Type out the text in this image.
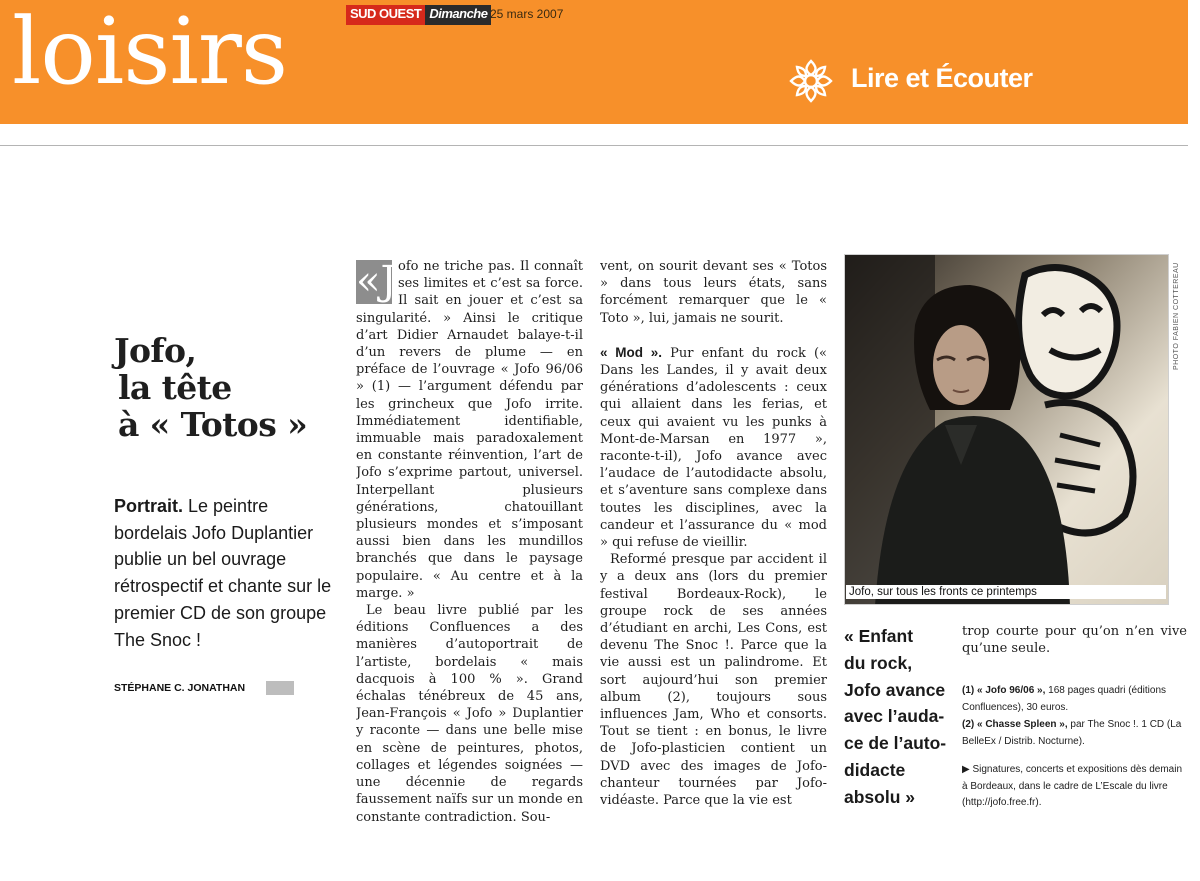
loisirs	SUD OUEST Dimanche 25 mars 2007
Lire et Écouter
Jofo,
la tête
à « Totos »
Portrait. Le peintre bordelais Jofo Duplantier publie un bel ouvrage rétrospectif et chante sur le premier CD de son groupe The Snoc !
STÉPHANE C. JONATHAN

«J ofo ne triche pas. Il connaît ses limites et c’est sa force. Il sait en jouer et c’est sa singularité. » Ainsi le critique d’art Didier Arnaudet balaye-t-il d’un revers de plume — en préface de l’ouvrage « Jofo 96/06 » (1) — l’argument défendu par les grincheux que Jofo irrite. Immédiatement identifiable, immuable mais paradoxalement en constante réinvention, l’art de Jofo s’exprime partout, universel. Interpellant plusieurs générations, chatouillant plusieurs mondes et s’imposant aussi bien dans les mundillos branchés que dans le paysage populaire. « Au centre et à la marge. »

Le beau livre publié par les éditions Confluences a des manières d’autoportrait de l’artiste, bordelais « mais dacquois à 100 % ». Grand échalas ténébreux de 45 ans, Jean-François « Jofo » Duplantier y raconte — dans une belle mise en scène de peintures, photos, collages et légendes soignées — une décennie de regards faussement naïfs sur un monde en constante contradiction. Sou-

vent, on sourit devant ses « Totos » dans tous leurs états, sans forcément remarquer que le « Toto », lui, jamais ne sourit.

« Mod ». Pur enfant du rock (« Dans les Landes, il y avait deux générations d’adolescents : ceux qui allaient dans les ferias, et ceux qui avaient vu les punks à Mont-de-Marsan en 1977 », raconte-t-il), Jofo avance avec l’audace de l’autodidacte absolu, et s’aventure sans complexe dans toutes les disciplines, avec la candeur et l’assurance du « mod » qui refuse de vieillir.

Reformé presque par accident il y a deux ans (lors du premier festival Bordeaux-Rock), le groupe rock de ses années d’étudiant en archi, Les Cons, est devenu The Snoc !. Parce que la vie aussi est un palindrome. Et sort aujourd’hui son premier album (2), toujours sous influences Jam, Who et consorts. Tout se tient : en bonus, le livre de Jofo-plasticien contient un DVD avec des images de Jofo-chanteur tournées par Jofo-vidéaste. Parce que la vie est

Jofo, sur tous les fronts ce printemps
PHOTO FABIEN COTTEREAU
« Enfant
du rock,
Jofo avance
avec l’auda-
ce de l’auto-
didacte
absolu »
trop courte pour qu’on n’en vive qu’une seule.

(1) « Jofo 96/06 », 168 pages quadri (éditions Confluences), 30 euros.

(2) « Chasse Spleen », par The Snoc !. 1 CD (La BelleEx / Distrib. Nocturne).

▶ Signatures, concerts et expositions dès demain à Bordeaux, dans le cadre de L’Escale du livre (http://jofo.free.fr).
